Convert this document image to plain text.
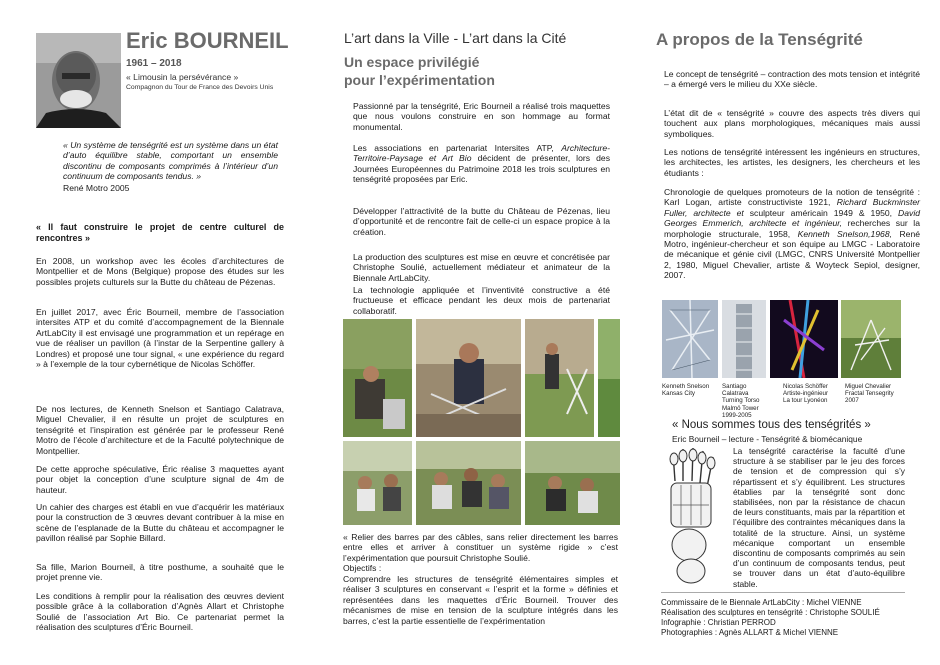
Eric BOURNEIL
1961 – 2018
« Limousin la persévérance »
Compagnon du Tour de France des Devoirs Unis

« Un système de tenségrité est un système dans un état d’auto équilibre stable, comportant un ensemble discontinu de composants comprimés à l’intérieur d’un continuum de composants tendus. »

René Motro 2005
« Il faut construire le projet de centre culturel de rencontres »

En 2008, un workshop avec les écoles d’architectures de Montpellier et de Mons (Belgique) propose des études sur les possibles projets culturels sur la Butte du château de Pézenas.

En juillet 2017, avec Éric Bourneil, membre de l’association intersites ATP et du comité d’accompagnement de la Biennale ArtLabCity il est envisagé une programmation et un repérage en vue de réaliser un pavillon (à l’instar de la Serpentine gallery à Londres) et proposé une tour signal, « une expérience du regard » à l’exemple de la tour cybernétique de Nicolas Schöffer.

De nos lectures, de Kenneth Snelson et Santiago Calatrava, Miguel Chevalier, il en résulte un projet de sculptures en tenségrité et l’inspiration est générée par le professeur René Motro de l’école d’architecture et de la Faculté polytechnique de Montpellier.

De cette approche spéculative, Éric réalise 3 maquettes ayant pour objet la conception d’une sculpture signal de 4m de hauteur.

Un cahier des charges est établi en vue d’acquérir les matériaux pour la construction de 3 œuvres devant contribuer à la mise en scène de l’esplanade de la Butte du château et accompagner le pavillon réalisé par Sophie Billard.

Sa fille, Marion Bourneil, à titre posthume, a souhaité que le projet prenne vie.

Les conditions à remplir pour la réalisation des œuvres devient possible grâce à la collaboration d’Agnès Allart et Christophe Soulié de l’association Art Bio. Ce partenariat permet la réalisation des sculptures d’Éric Bourneil.

L’art dans la Ville - L’art dans la Cité
Un espace privilégié
pour l’expérimentation

Passionné par la tenségrité, Eric Bourneil a réalisé trois maquettes que nous voulons construire en son hommage au format monumental.

Les associations en partenariat Intersites ATP, Architecture-Territoire-Paysage et Art Bio décident de présenter, lors des Journées Européennes du Patrimoine 2018 les trois sculptures en tenségrité proposées par Eric.

Développer l’attractivité de la butte du Château de Pézenas, lieu d’opportunité et de rencontre fait de celle-ci un espace propice à la création.

La production des sculptures est mise en œuvre et concrétisée par Christophe Soulié, actuellement médiateur et animateur de la Biennale ArtLabCity.

La technologie appliquée et l’inventivité constructive a été fructueuse et efficace pendant les deux mois de partenariat collaboratif.

« Relier des barres par des câbles, sans relier directement les barres entre elles et arriver à constituer un système rigide » c’est l’expérimentation que poursuit Christophe Soulié.

Objectifs :

Comprendre les structures de tenségrité élémentaires simples et réaliser 3 sculptures en conservant « l’esprit et la forme » définies et représentées dans les maquettes d’Éric Bourneil. Trouver des mécanismes de mise en tension de la sculpture intégrés dans les barres, c’est la partie essentielle de l’expérimentation

A propos de la Tenségrité

Le concept de tenségrité – contraction des mots tension et intégrité – a émergé vers le milieu du XXe siècle.

L’état dit de « tenségrité » couvre des aspects très divers qui touchent aux plans morphologiques, mécaniques mais aussi symboliques.

Les notions de tenségrité intéressent les ingénieurs en structures, les architectes, les artistes, les designers, les chercheurs et les étudiants :

Chronologie de quelques promoteurs de la notion de tenségrité : Karl Logan, artiste constructiviste 1921, Richard Buckminster Fuller, architecte et sculpteur américain 1949 & 1950, David Georges Emmerich, architecte et ingénieur, recherches sur la morphologie structurale, 1958, Kenneth Snelson,1968, René Motro, ingénieur-chercheur et son équipe au LMGC - Laboratoire de mécanique et génie civil (LMGC, CNRS Université Montpellier 2, 1980, Miguel Chevalier, artiste & Woyteck Sepiol, designer, 2007.

Kenneth Snelson
Kansas City
Santiago Calatrava
Turning Torso
Malmö Tower
1999-2005
Nicolas Schöffer
Artiste-ingénieur
La tour Lyonéon
Miguel Chevalier
Fractal Tensegrity
2007
« Nous sommes tous des tenségrités »
Eric Bourneil – lecture - Tenségrité & biomécanique

La tenségrité caractérise la faculté d’une structure à se stabiliser par le jeu des forces de tension et de compression qui s’y répartissent et s’y équilibrent. Les structures établies par la tenségrité sont donc stabilisées, non par la résistance de chacun de leurs constituants, mais par la répartition et l’équilibre des contraintes mécaniques dans la totalité de la structure. Ainsi, un système mécanique comportant un ensemble discontinu de composants comprimés au sein d’un continuum de composants tendus, peut se trouver dans un état d’auto-équilibre stable.

Commissaire de le Biennale ArtLabCity : Michel VIENNE
Réalisation des sculptures en tenségrité : Christophe SOULIÉ
Infographie : Christian PERROD
Photographies : Agnès ALLART & Michel VIENNE
